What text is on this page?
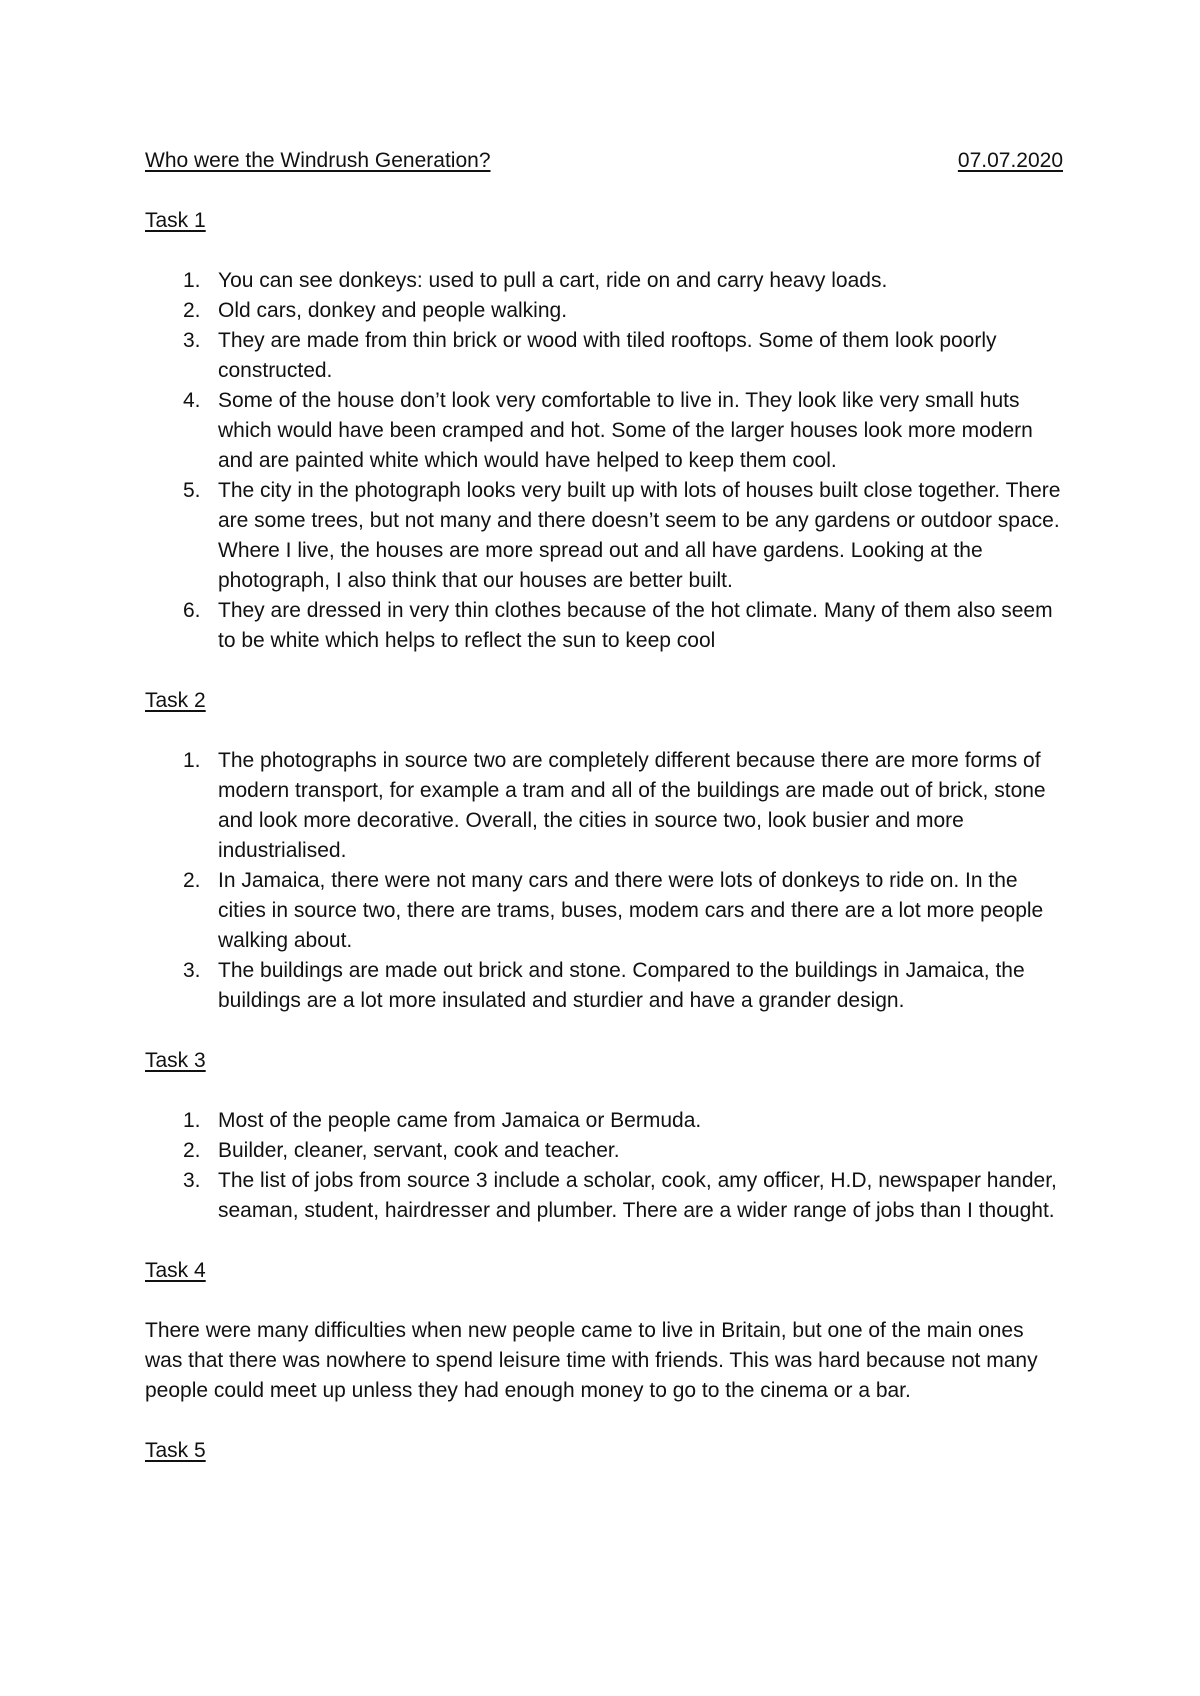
Who were the Windrush Generation?	07.07.2020
Task 1
1. You can see donkeys: used to pull a cart, ride on and carry heavy loads.
2. Old cars, donkey and people walking.
3. They are made from thin brick or wood with tiled rooftops. Some of them look poorly constructed.
4. Some of the house don’t look very comfortable to live in. They look like very small huts which would have been cramped and hot. Some of the larger houses look more modern and are painted white which would have helped to keep them cool.
5. The city in the photograph looks very built up with lots of houses built close together. There are some trees, but not many and there doesn’t seem to be any gardens or outdoor space. Where I live, the houses are more spread out and all have gardens. Looking at the photograph, I also think that our houses are better built.
6. They are dressed in very thin clothes because of the hot climate. Many of them also seem to be white which helps to reflect the sun to keep cool
Task 2
1. The photographs in source two are completely different because there are more forms of modern transport, for example a tram and all of the buildings are made out of brick, stone and look more decorative. Overall, the cities in source two, look busier and more industrialised.
2. In Jamaica, there were not many cars and there were lots of donkeys to ride on. In the cities in source two, there are trams, buses, modem cars and there are a lot more people walking about.
3. The buildings are made out brick and stone. Compared to the buildings in Jamaica, the buildings are a lot more insulated and sturdier and have a grander design.
Task 3
1. Most of the people came from Jamaica or Bermuda.
2. Builder, cleaner, servant, cook and teacher.
3. The list of jobs from source 3 include a scholar, cook, amy officer, H.D, newspaper hander, seaman, student, hairdresser and plumber. There are a wider range of jobs than I thought.
Task 4

There were many difficulties when new people came to live in Britain, but one of the main ones was that there was nowhere to spend leisure time with friends. This was hard because not many people could meet up unless they had enough money to go to the cinema or a bar.

Task 5
